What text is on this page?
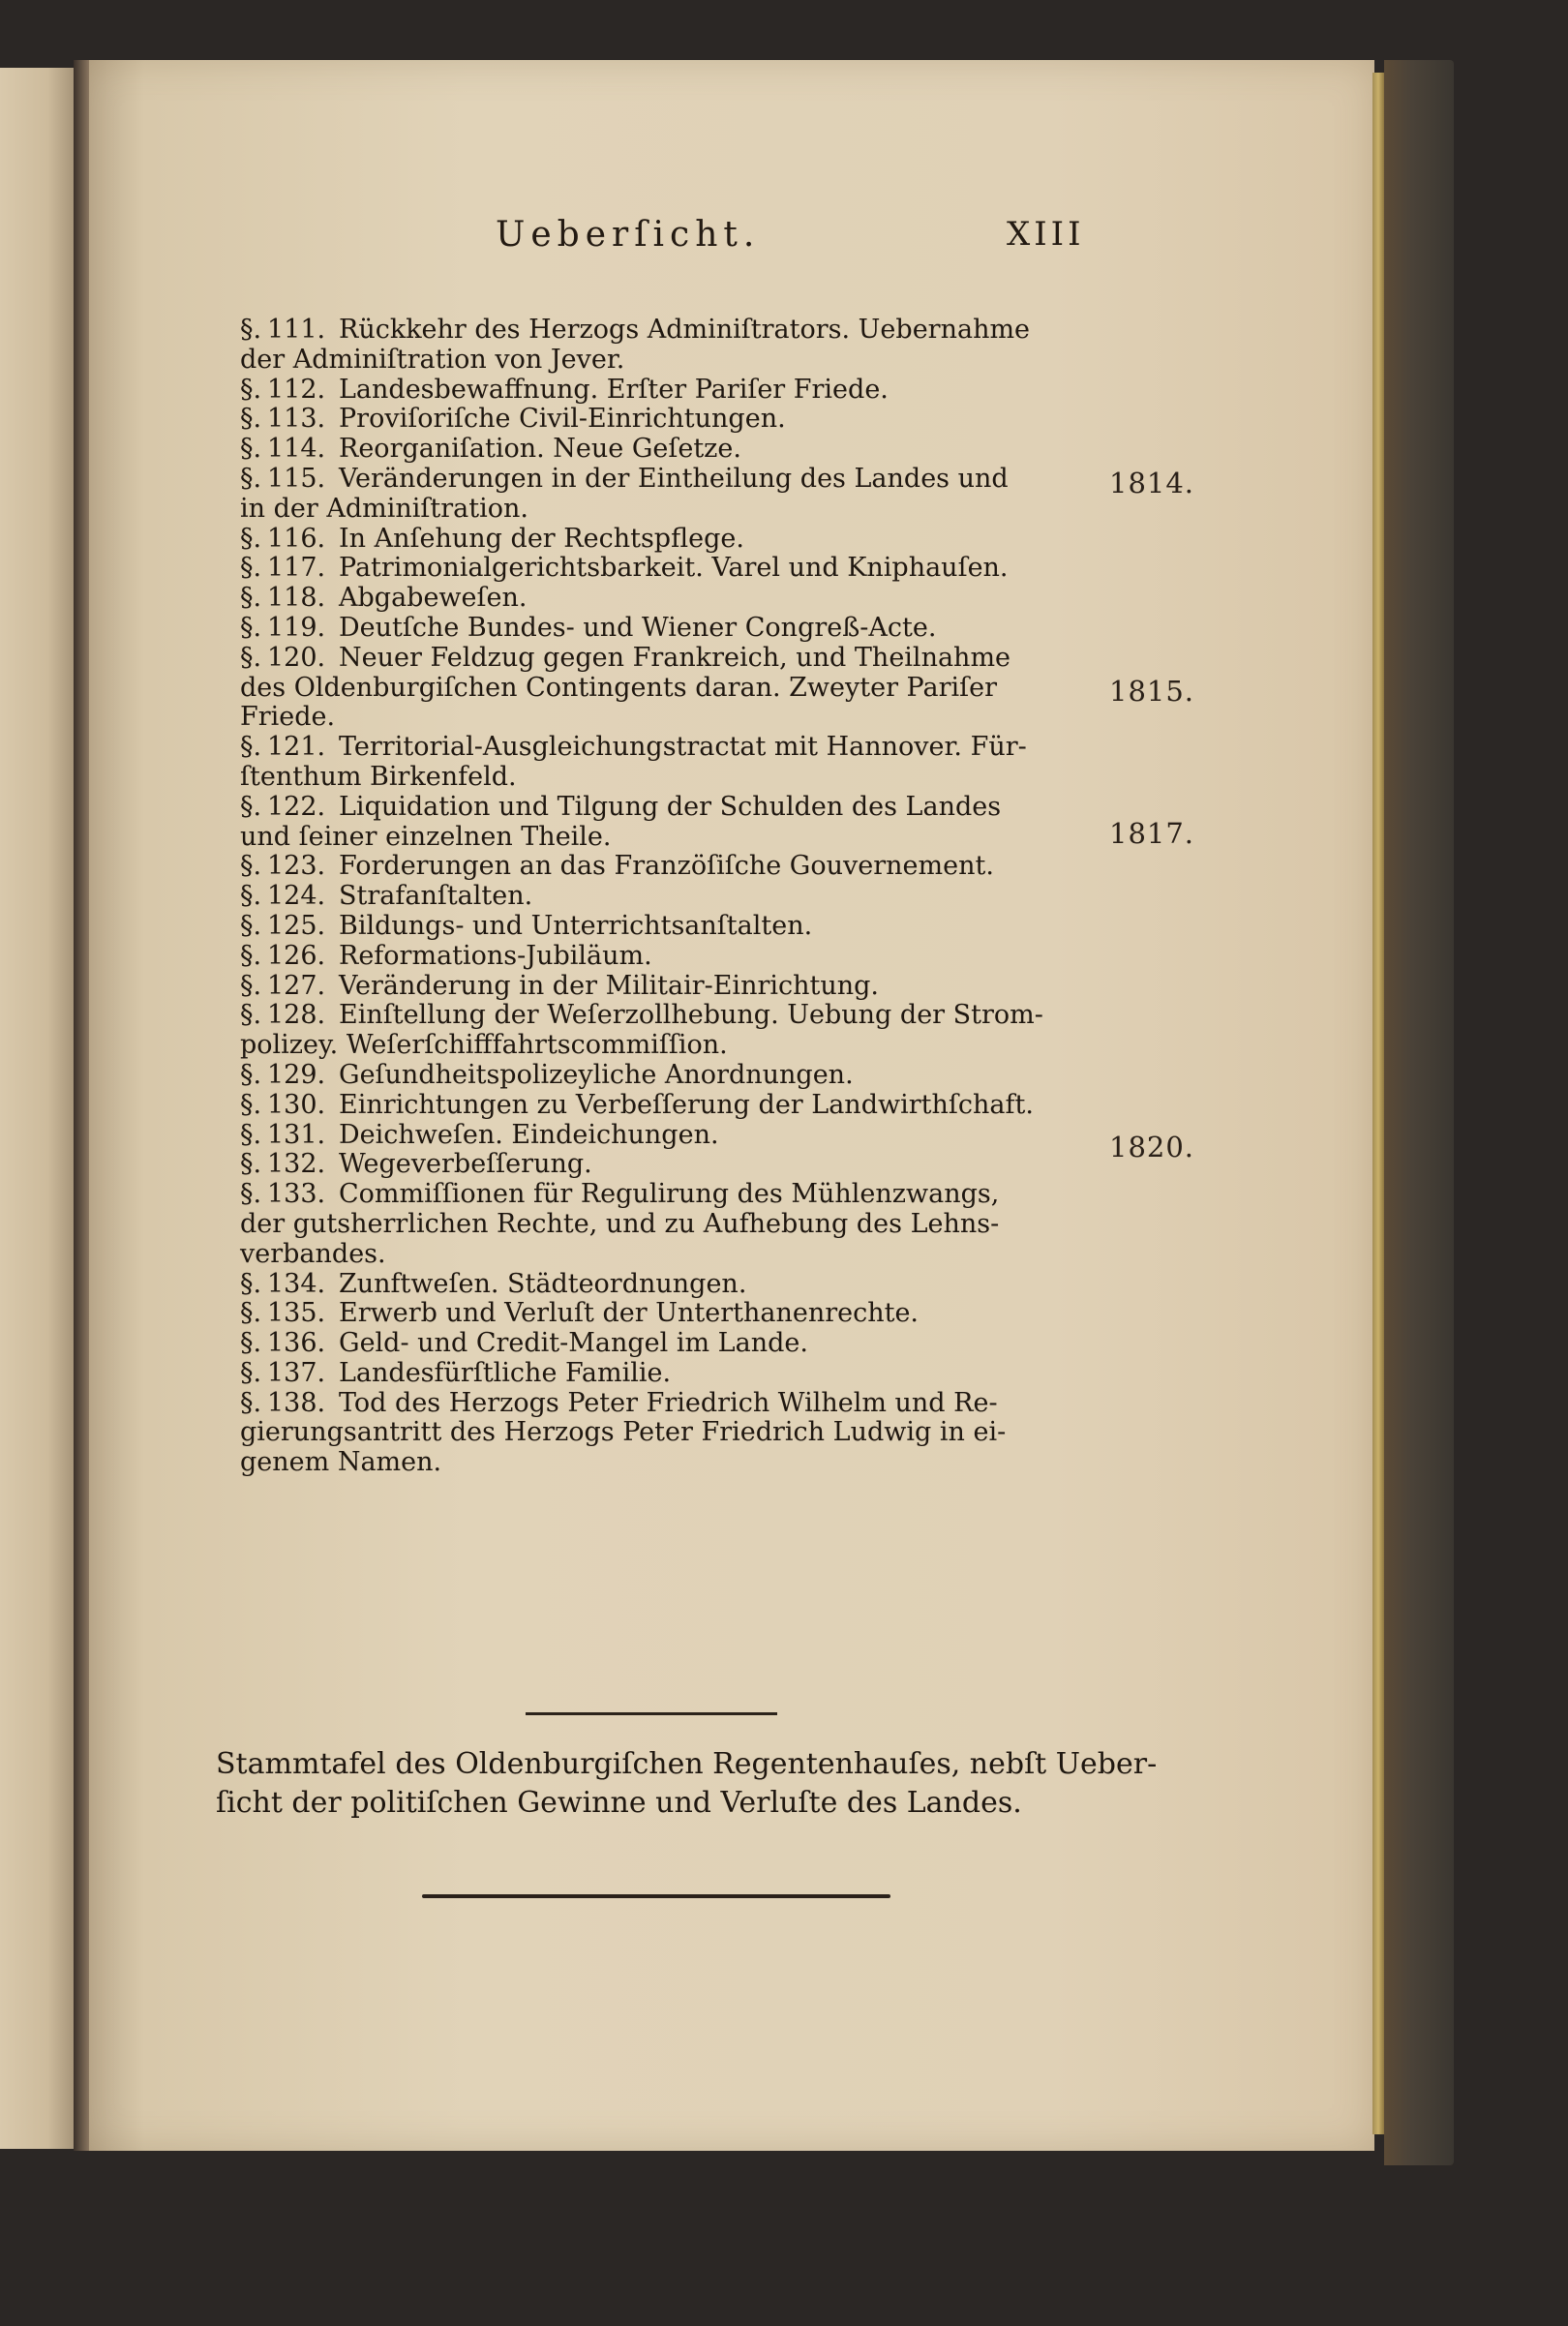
Ueberſicht.	XIII
§. 111. Rückkehr des Herzogs Adminiſtrators. Uebernahme
der Adminiſtration von Jever.
§. 112. Landesbewaffnung. Erſter Pariſer Friede.
§. 113. Proviſoriſche Civil-Einrichtungen.
§. 114. Reorganiſation. Neue Geſetze.
§. 115. Veränderungen in der Eintheilung des Landes und
in der Adminiſtration.
§. 116. In Anſehung der Rechtspflege.
§. 117. Patrimonialgerichtsbarkeit. Varel und Kniphauſen.
§. 118. Abgabeweſen.
§. 119. Deutſche Bundes- und Wiener Congreß-Acte.
§. 120. Neuer Feldzug gegen Frankreich, und Theilnahme
des Oldenburgiſchen Contingents daran. Zweyter Pariſer
Friede.
§. 121. Territorial-Ausgleichungstractat mit Hannover. Für-
ſtenthum Birkenfeld.
§. 122. Liquidation und Tilgung der Schulden des Landes
und ſeiner einzelnen Theile.
§. 123. Forderungen an das Franzöſiſche Gouvernement.
§. 124. Strafanſtalten.
§. 125. Bildungs- und Unterrichtsanſtalten.
§. 126. Reformations-Jubiläum.
§. 127. Veränderung in der Militair-Einrichtung.
§. 128. Einſtellung der Weſerzollhebung. Uebung der Strom-
polizey. Weſerſchifffahrtscommiſſion.
§. 129. Geſundheitspolizeyliche Anordnungen.
§. 130. Einrichtungen zu Verbeſſerung der Landwirthſchaft.
§. 131. Deichweſen. Eindeichungen.
§. 132. Wegeverbeſſerung.
§. 133. Commiſſionen für Regulirung des Mühlenzwangs,
der gutsherrlichen Rechte, und zu Aufhebung des Lehns-
verbandes.
§. 134. Zunftweſen. Städteordnungen.
§. 135. Erwerb und Verluſt der Unterthanenrechte.
§. 136. Geld- und Credit-Mangel im Lande.
§. 137. Landesfürſtliche Familie.
§. 138. Tod des Herzogs Peter Friedrich Wilhelm und Re-
gierungsantritt des Herzogs Peter Friedrich Ludwig in ei-
genem Namen.
1814.
1815.
1817.
1820.
Stammtafel des Oldenburgiſchen Regentenhauſes, nebſt Ueber-
ſicht der politiſchen Gewinne und Verluſte des Landes.
